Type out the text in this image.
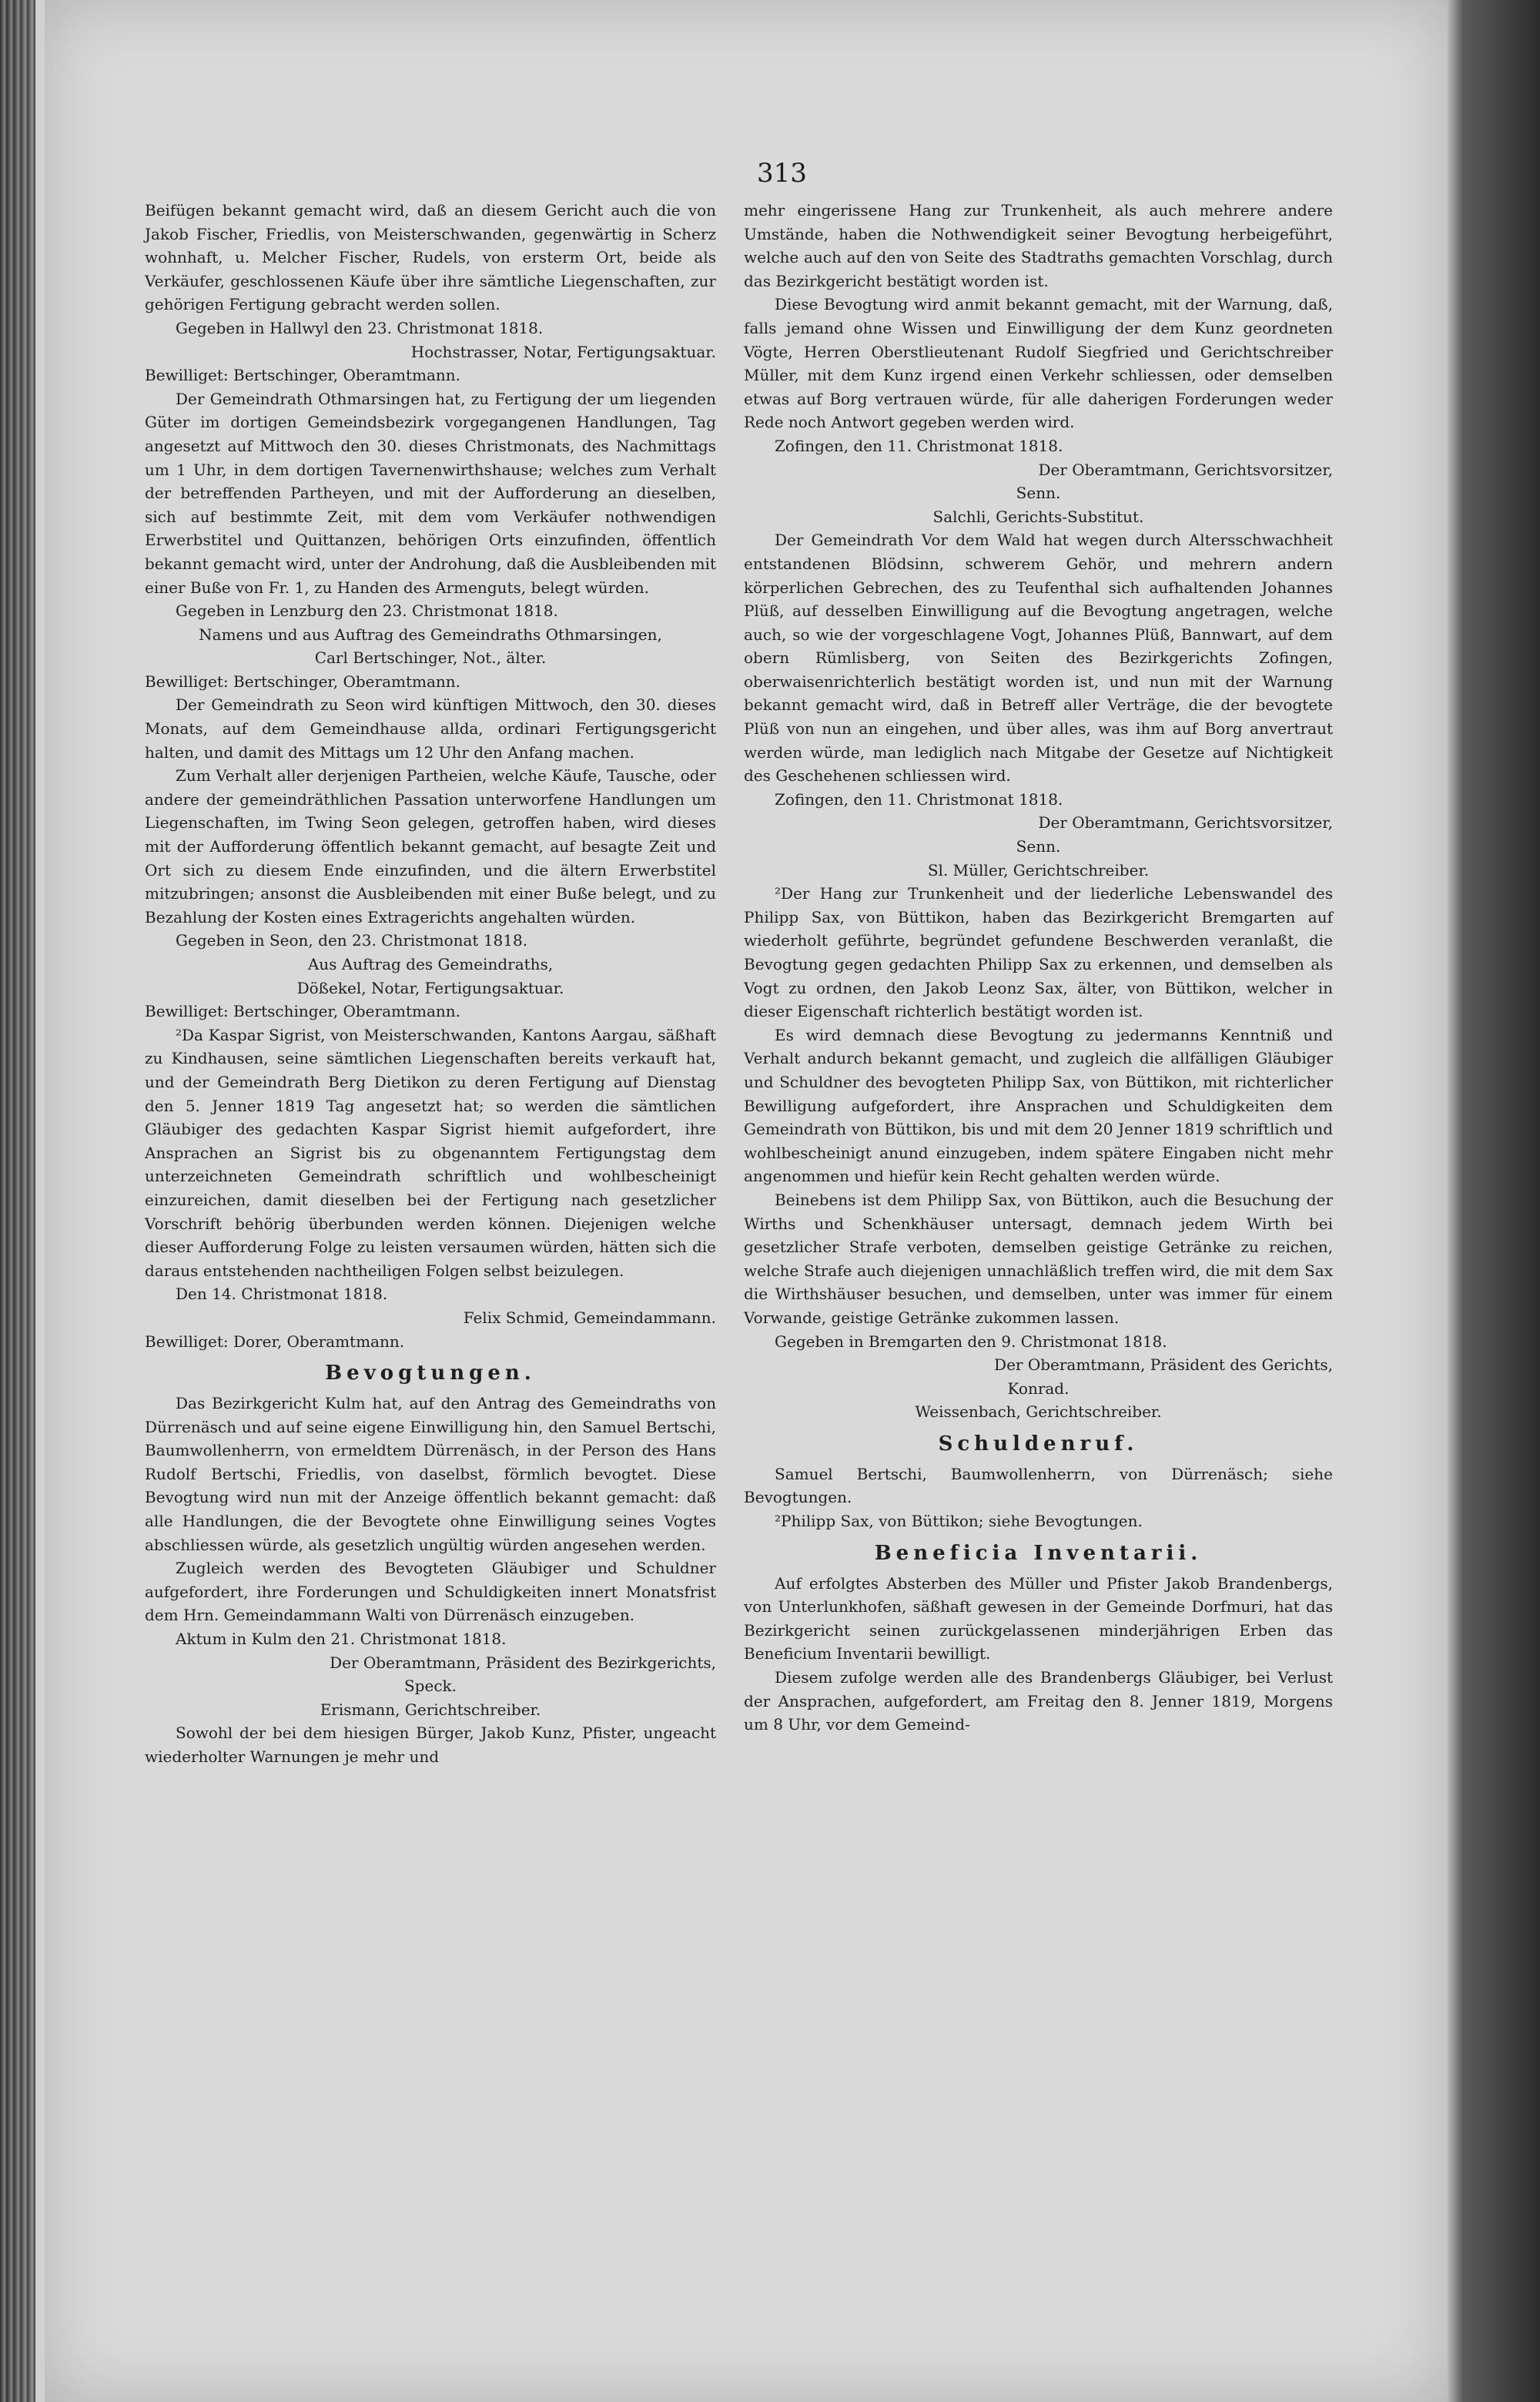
313

Beifügen bekannt gemacht wird, daß an diesem Gericht auch die von Jakob Fischer, Friedlis, von Meisterschwanden, gegenwärtig in Scherz wohnhaft, u. Melcher Fischer, Rudels, von ersterm Ort, beide als Verkäufer, geschlossenen Käufe über ihre sämtliche Liegenschaften, zur gehörigen Fertigung gebracht werden sollen.

Gegeben in Hallwyl den 23. Christmonat 1818.

Hochstrasser, Notar, Fertigungsaktuar.

Bewilliget: Bertschinger, Oberamtmann.

Der Gemeindrath Othmarsingen hat, zu Fertigung der um liegenden Güter im dortigen Gemeindsbezirk vorgegangenen Handlungen, Tag angesetzt auf Mittwoch den 30. dieses Christmonats, des Nachmittags um 1 Uhr, in dem dortigen Tavernenwirthshause; welches zum Verhalt der betreffenden Partheyen, und mit der Aufforderung an dieselben, sich auf bestimmte Zeit, mit dem vom Verkäufer nothwendigen Erwerbstitel und Quittanzen, behörigen Orts einzufinden, öffentlich bekannt gemacht wird, unter der Androhung, daß die Ausbleibenden mit einer Buße von Fr. 1, zu Handen des Armenguts, belegt würden.

Gegeben in Lenzburg den 23. Christmonat 1818.

Namens und aus Auftrag des Gemeindraths Othmarsingen,

Carl Bertschinger, Not., älter.

Bewilliget: Bertschinger, Oberamtmann.

Der Gemeindrath zu Seon wird künftigen Mittwoch, den 30. dieses Monats, auf dem Gemeindhause allda, ordinari Fertigungsgericht halten, und damit des Mittags um 12 Uhr den Anfang machen.

Zum Verhalt aller derjenigen Partheien, welche Käufe, Tausche, oder andere der gemeindräthlichen Passation unterworfene Handlungen um Liegenschaften, im Twing Seon gelegen, getroffen haben, wird dieses mit der Aufforderung öffentlich bekannt gemacht, auf besagte Zeit und Ort sich zu diesem Ende einzufinden, und die ältern Erwerbstitel mitzubringen; ansonst die Ausbleibenden mit einer Buße belegt, und zu Bezahlung der Kosten eines Extragerichts angehalten würden.

Gegeben in Seon, den 23. Christmonat 1818.

Aus Auftrag des Gemeindraths,

Dößekel, Notar, Fertigungsaktuar.

Bewilliget: Bertschinger, Oberamtmann.

²Da Kaspar Sigrist, von Meisterschwanden, Kantons Aargau, säßhaft zu Kindhausen, seine sämtlichen Liegenschaften bereits verkauft hat, und der Gemeindrath Berg Dietikon zu deren Fertigung auf Dienstag den 5. Jenner 1819 Tag angesetzt hat; so werden die sämtlichen Gläubiger des gedachten Kaspar Sigrist hiemit aufgefordert, ihre Ansprachen an Sigrist bis zu obgenanntem Fertigungstag dem unterzeichneten Gemeindrath schriftlich und wohlbescheinigt einzureichen, damit dieselben bei der Fertigung nach gesetzlicher Vorschrift behörig überbunden werden können. Diejenigen welche dieser Aufforderung Folge zu leisten versaumen würden, hätten sich die daraus entstehenden nachtheiligen Folgen selbst beizulegen.

Den 14. Christmonat 1818.

Felix Schmid, Gemeindammann.

Bewilliget: Dorer, Oberamtmann.

Bevogtungen.

Das Bezirkgericht Kulm hat, auf den Antrag des Gemeindraths von Dürrenäsch und auf seine eigene Einwilligung hin, den Samuel Bertschi, Baumwollenherrn, von ermeldtem Dürrenäsch, in der Person des Hans Rudolf Bertschi, Friedlis, von daselbst, förmlich bevogtet. Diese Bevogtung wird nun mit der Anzeige öffentlich bekannt gemacht: daß alle Handlungen, die der Bevogtete ohne Einwilligung seines Vogtes abschliessen würde, als gesetzlich ungültig würden angesehen werden.

Zugleich werden des Bevogteten Gläubiger und Schuldner aufgefordert, ihre Forderungen und Schuldigkeiten innert Monatsfrist dem Hrn. Gemeindammann Walti von Dürrenäsch einzugeben.

Aktum in Kulm den 21. Christmonat 1818.

Der Oberamtmann, Präsident des Bezirkgerichts,

Speck.

Erismann, Gerichtschreiber.

Sowohl der bei dem hiesigen Bürger, Jakob Kunz, Pfister, ungeacht wiederholter Warnungen je mehr und

mehr eingerissene Hang zur Trunkenheit, als auch mehrere andere Umstände, haben die Nothwendigkeit seiner Bevogtung herbeigeführt, welche auch auf den von Seite des Stadtraths gemachten Vorschlag, durch das Bezirkgericht bestätigt worden ist.

Diese Bevogtung wird anmit bekannt gemacht, mit der Warnung, daß, falls jemand ohne Wissen und Einwilligung der dem Kunz geordneten Vögte, Herren Oberstlieutenant Rudolf Siegfried und Gerichtschreiber Müller, mit dem Kunz irgend einen Verkehr schliessen, oder demselben etwas auf Borg vertrauen würde, für alle daherigen Forderungen weder Rede noch Antwort gegeben werden wird.

Zofingen, den 11. Christmonat 1818.

Der Oberamtmann, Gerichtsvorsitzer,

Senn.

Salchli, Gerichts-Substitut.

Der Gemeindrath Vor dem Wald hat wegen durch Altersschwachheit entstandenen Blödsinn, schwerem Gehör, und mehrern andern körperlichen Gebrechen, des zu Teufenthal sich aufhaltenden Johannes Plüß, auf desselben Einwilligung auf die Bevogtung angetragen, welche auch, so wie der vorgeschlagene Vogt, Johannes Plüß, Bannwart, auf dem obern Rümlisberg, von Seiten des Bezirkgerichts Zofingen, oberwaisenrichterlich bestätigt worden ist, und nun mit der Warnung bekannt gemacht wird, daß in Betreff aller Verträge, die der bevogtete Plüß von nun an eingehen, und über alles, was ihm auf Borg anvertraut werden würde, man lediglich nach Mitgabe der Gesetze auf Nichtigkeit des Geschehenen schliessen wird.

Zofingen, den 11. Christmonat 1818.

Der Oberamtmann, Gerichtsvorsitzer,

Senn.

Sl. Müller, Gerichtschreiber.

²Der Hang zur Trunkenheit und der liederliche Lebenswandel des Philipp Sax, von Büttikon, haben das Bezirkgericht Bremgarten auf wiederholt geführte, begründet gefundene Beschwerden veranlaßt, die Bevogtung gegen gedachten Philipp Sax zu erkennen, und demselben als Vogt zu ordnen, den Jakob Leonz Sax, älter, von Büttikon, welcher in dieser Eigenschaft richterlich bestätigt worden ist.

Es wird demnach diese Bevogtung zu jedermanns Kenntniß und Verhalt andurch bekannt gemacht, und zugleich die allfälligen Gläubiger und Schuldner des bevogteten Philipp Sax, von Büttikon, mit richterlicher Bewilligung aufgefordert, ihre Ansprachen und Schuldigkeiten dem Gemeindrath von Büttikon, bis und mit dem 20 Jenner 1819 schriftlich und wohlbescheinigt anund einzugeben, indem spätere Eingaben nicht mehr angenommen und hiefür kein Recht gehalten werden würde.

Beinebens ist dem Philipp Sax, von Büttikon, auch die Besuchung der Wirths und Schenkhäuser untersagt, demnach jedem Wirth bei gesetzlicher Strafe verboten, demselben geistige Getränke zu reichen, welche Strafe auch diejenigen unnachläßlich treffen wird, die mit dem Sax die Wirthshäuser besuchen, und demselben, unter was immer für einem Vorwande, geistige Getränke zukommen lassen.

Gegeben in Bremgarten den 9. Christmonat 1818.

Der Oberamtmann, Präsident des Gerichts,

Konrad.

Weissenbach, Gerichtschreiber.

Schuldenruf.

Samuel Bertschi, Baumwollenherrn, von Dürrenäsch; siehe Bevogtungen.

²Philipp Sax, von Büttikon; siehe Bevogtungen.

Beneficia Inventarii.

Auf erfolgtes Absterben des Müller und Pfister Jakob Brandenbergs, von Unterlunkhofen, säßhaft gewesen in der Gemeinde Dorfmuri, hat das Bezirkgericht seinen zurückgelassenen minderjährigen Erben das Beneficium Inventarii bewilligt.

Diesem zufolge werden alle des Brandenbergs Gläubiger, bei Verlust der Ansprachen, aufgefordert, am Freitag den 8. Jenner 1819, Morgens um 8 Uhr, vor dem Gemeind-
